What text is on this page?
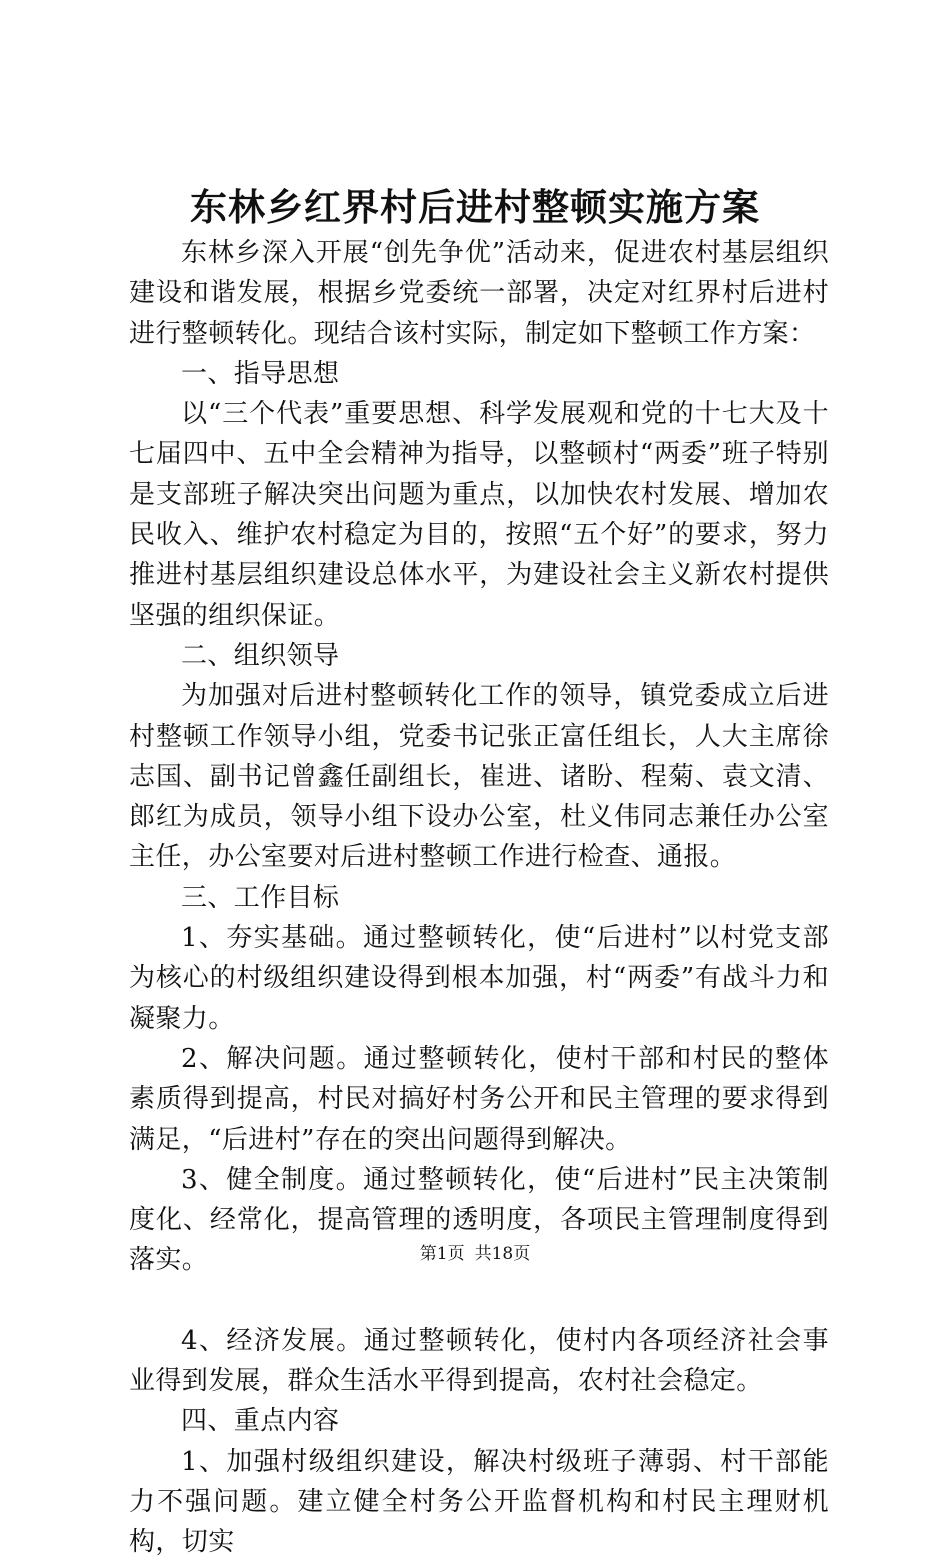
东林乡红界村后进村整顿实施方案

东林乡深入开展“创先争优”活动来，促进农村基层组织建设和谐发展，根据乡党委统一部署，决定对红界村后进村进行整顿转化。现结合该村实际，制定如下整顿工作方案：

一、指导思想

以“三个代表”重要思想、科学发展观和党的十七大及十七届四中、五中全会精神为指导，以整顿村“两委”班子特别是支部班子解决突出问题为重点，以加快农村发展、增加农民收入、维护农村稳定为目的，按照“五个好”的要求，努力推进村基层组织建设总体水平，为建设社会主义新农村提供坚强的组织保证。

二、组织领导

为加强对后进村整顿转化工作的领导，镇党委成立后进村整顿工作领导小组，党委书记张正富任组长，人大主席徐志国、副书记曾鑫任副组长，崔进、诸盼、程菊、袁文清、郎红为成员，领导小组下设办公室，杜义伟同志兼任办公室主任，办公室要对后进村整顿工作进行检查、通报。

三、工作目标

1、夯实基础。通过整顿转化，使“后进村”以村党支部为核心的村级组织建设得到根本加强，村“两委”有战斗力和凝聚力。

2、解决问题。通过整顿转化，使村干部和村民的整体素质得到提高，村民对搞好村务公开和民主管理的要求得到满足，“后进村”存在的突出问题得到解决。

3、健全制度。通过整顿转化，使“后进村”民主决策制度化、经常化，提高管理的透明度，各项民主管理制度得到落实。

4、经济发展。通过整顿转化，使村内各项经济社会事业得到发展，群众生活水平得到提高，农村社会稳定。

四、重点内容

1、加强村级组织建设，解决村级班子薄弱、村干部能力不强问题。建立健全村务公开监督机构和村民主理财机构，切实

第1页 共18页
